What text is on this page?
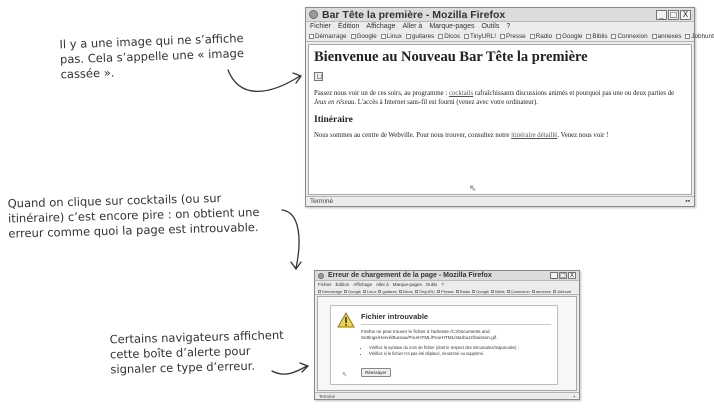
Il y a une image qui ne s’affiche pas. Cela s’appelle une « image cassée ».
Quand on clique sur cocktails (ou sur itinéraire) c’est encore pire : on obtient une erreur comme quoi la page est introuvable.
Certains navigateurs affichent cette boîte d’alerte pour signaler ce type d’erreur.
Bar Tête la première - Mozilla Firefox	_ □ X
Fichier Édition Affichage Aller à Marque-pages Outils ?
Démarrage Google Linux guitares Dicos TinyURL! Presse Radio Google Biblis Connexion annexes Jobhunt
Bienvenue au Nouveau Bar Tête la première

Passez nous voir un de ces soirs, au programme : cocktails rafraîchissants discussions animés et pourquoi pas une ou deux parties de Jeux en réseau. L'accès à Internet sans-fil est fourni (venez avec votre ordinateur).

Itinéraire

Nous sommes au centre de Webville. Pour nous trouver, consultez notre itinéraire détaillé. Venez nous voir !

⇖
Terminé	▪▪
Erreur de chargement de la page - Mozilla Firefox	_ □ X
Fichier Édition Affichage Aller à Marque-pages Outils ?
Démarrage Google Linux guitares Dicos TinyURL! Presse Radio Google Biblis Connexion annexes Jobhunt
Fichier introuvable
Firefox ne peut trouver le fichier à l'adresse /C:/Documents and Settings/Hervé/Bureau/PourHTML/PourHTML/starbuzz/boisson.gif.
• Vérifiez la syntaxe du nom de fichier (dont le respect des minuscules/majuscules) ;
• Vérifiez si le fichier n'a pas été déplacé, renommé ou supprimé.
Réessayer
⇖
Terminé	▪
